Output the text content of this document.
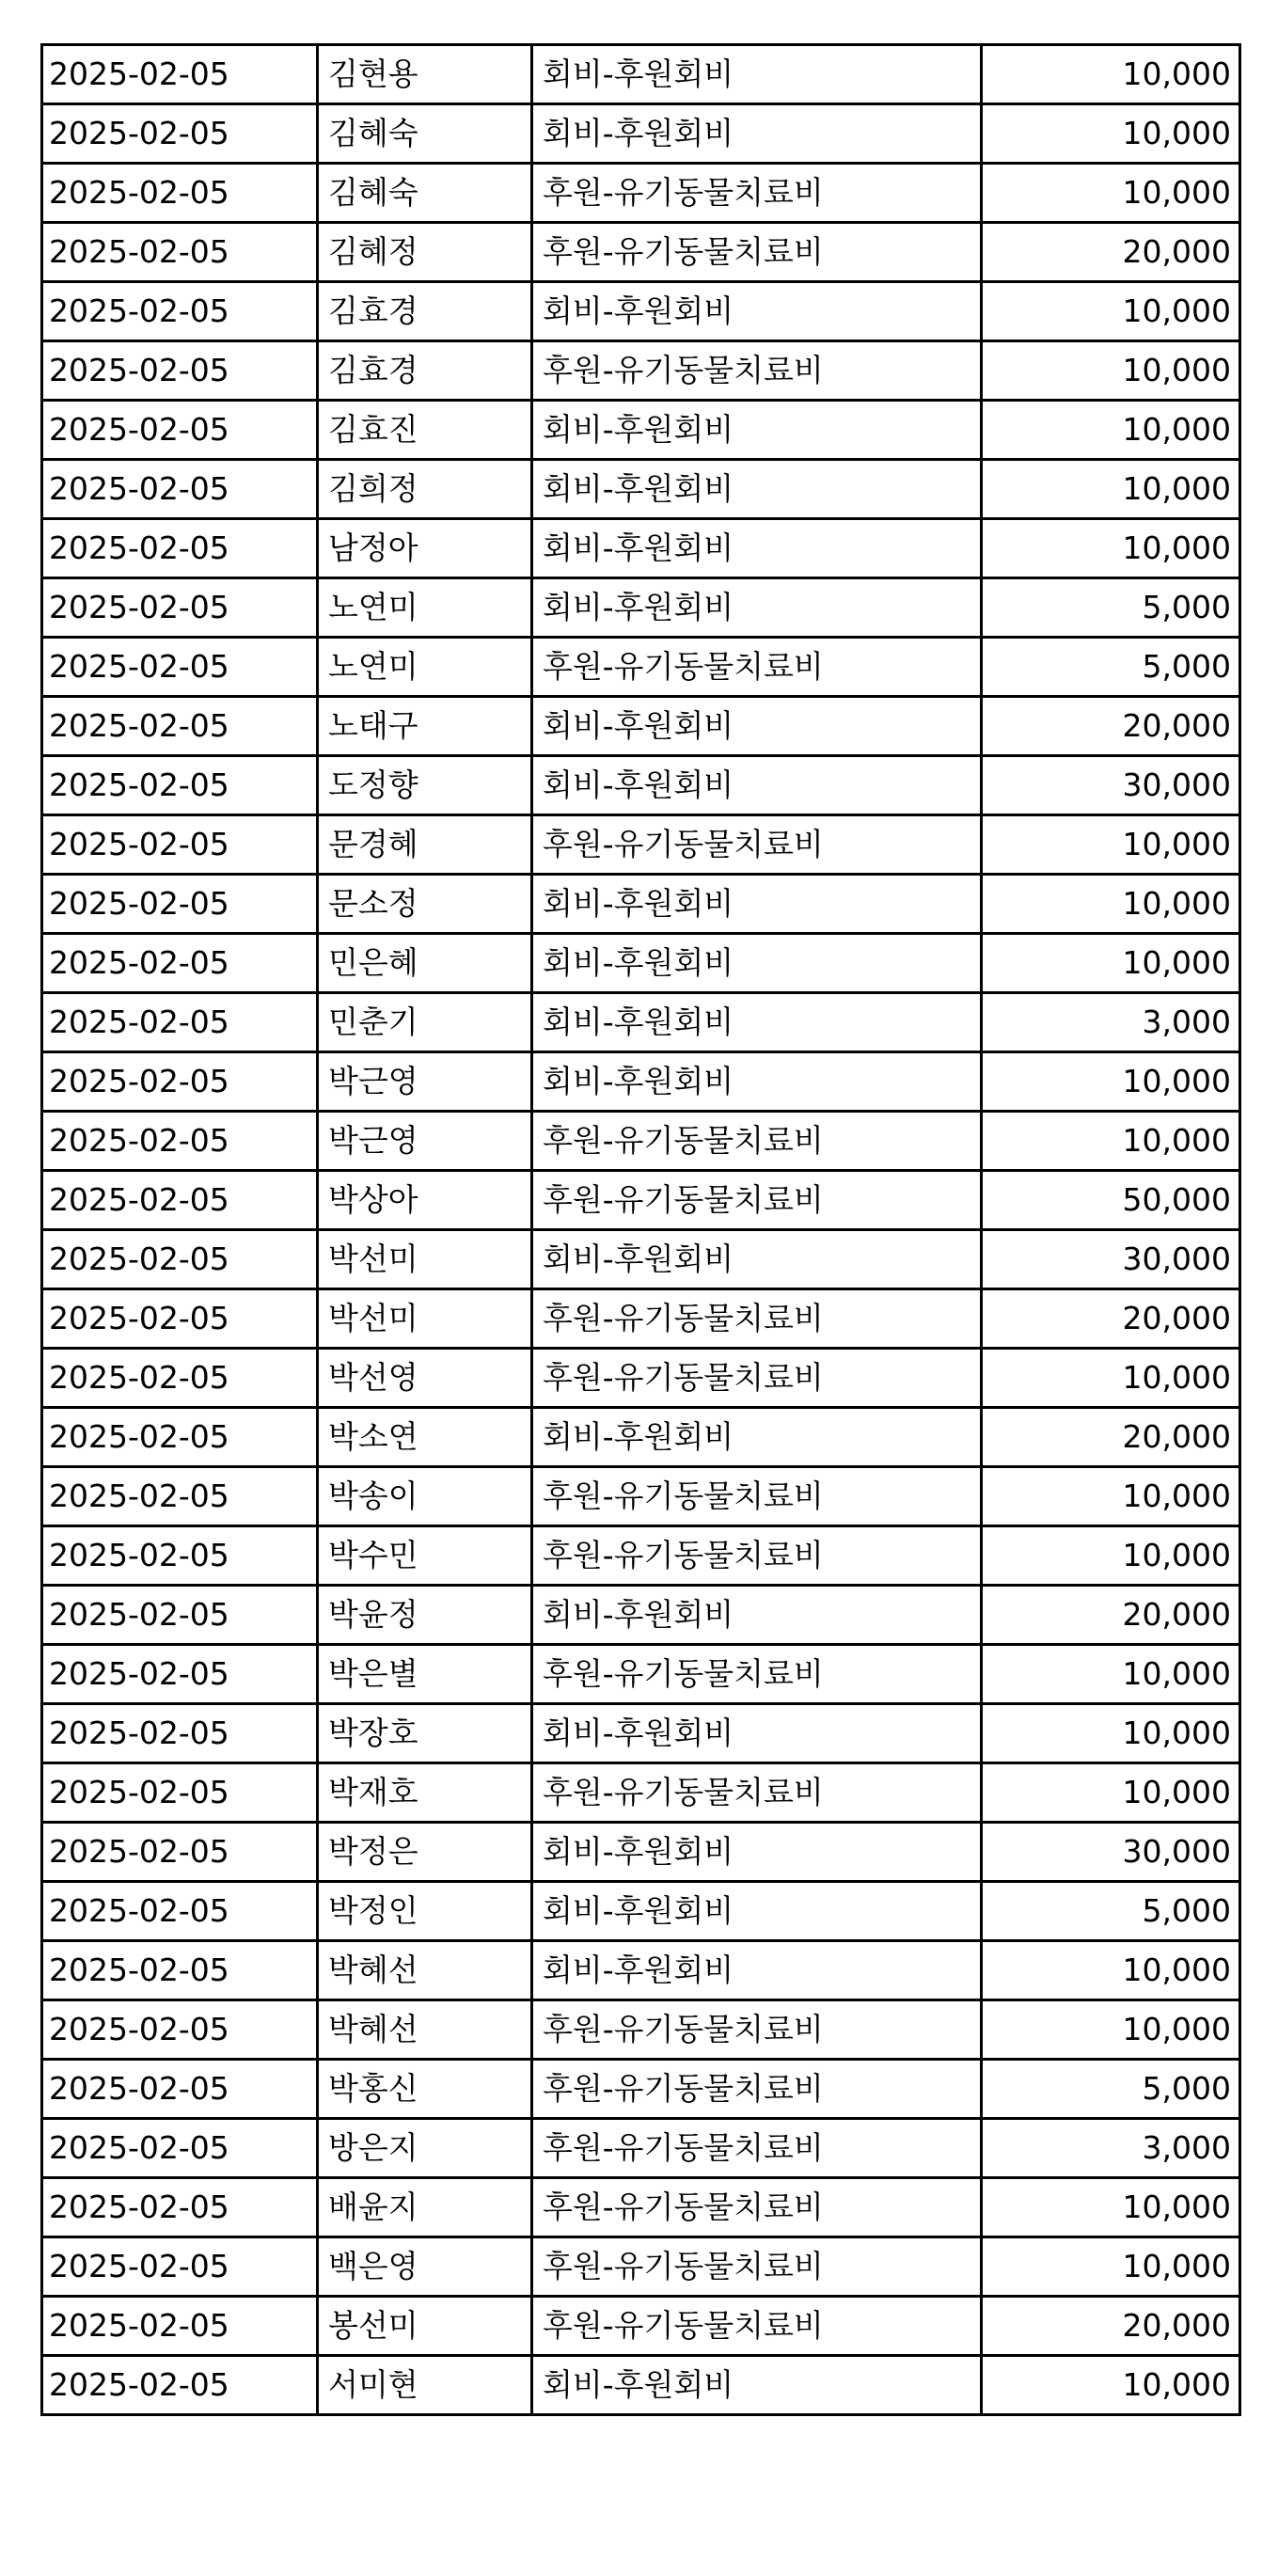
2025-02-05	김현용	회비-후원회비	10,000
2025-02-05	김혜숙	회비-후원회비	10,000
2025-02-05	김혜숙	후원-유기동물치료비	10,000
2025-02-05	김혜정	후원-유기동물치료비	20,000
2025-02-05	김효경	회비-후원회비	10,000
2025-02-05	김효경	후원-유기동물치료비	10,000
2025-02-05	김효진	회비-후원회비	10,000
2025-02-05	김희정	회비-후원회비	10,000
2025-02-05	남정아	회비-후원회비	10,000
2025-02-05	노연미	회비-후원회비	5,000
2025-02-05	노연미	후원-유기동물치료비	5,000
2025-02-05	노태구	회비-후원회비	20,000
2025-02-05	도정향	회비-후원회비	30,000
2025-02-05	문경혜	후원-유기동물치료비	10,000
2025-02-05	문소정	회비-후원회비	10,000
2025-02-05	민은혜	회비-후원회비	10,000
2025-02-05	민춘기	회비-후원회비	3,000
2025-02-05	박근영	회비-후원회비	10,000
2025-02-05	박근영	후원-유기동물치료비	10,000
2025-02-05	박상아	후원-유기동물치료비	50,000
2025-02-05	박선미	회비-후원회비	30,000
2025-02-05	박선미	후원-유기동물치료비	20,000
2025-02-05	박선영	후원-유기동물치료비	10,000
2025-02-05	박소연	회비-후원회비	20,000
2025-02-05	박송이	후원-유기동물치료비	10,000
2025-02-05	박수민	후원-유기동물치료비	10,000
2025-02-05	박윤정	회비-후원회비	20,000
2025-02-05	박은별	후원-유기동물치료비	10,000
2025-02-05	박장호	회비-후원회비	10,000
2025-02-05	박재호	후원-유기동물치료비	10,000
2025-02-05	박정은	회비-후원회비	30,000
2025-02-05	박정인	회비-후원회비	5,000
2025-02-05	박혜선	회비-후원회비	10,000
2025-02-05	박혜선	후원-유기동물치료비	10,000
2025-02-05	박홍신	후원-유기동물치료비	5,000
2025-02-05	방은지	후원-유기동물치료비	3,000
2025-02-05	배윤지	후원-유기동물치료비	10,000
2025-02-05	백은영	후원-유기동물치료비	10,000
2025-02-05	봉선미	후원-유기동물치료비	20,000
2025-02-05	서미현	회비-후원회비	10,000
